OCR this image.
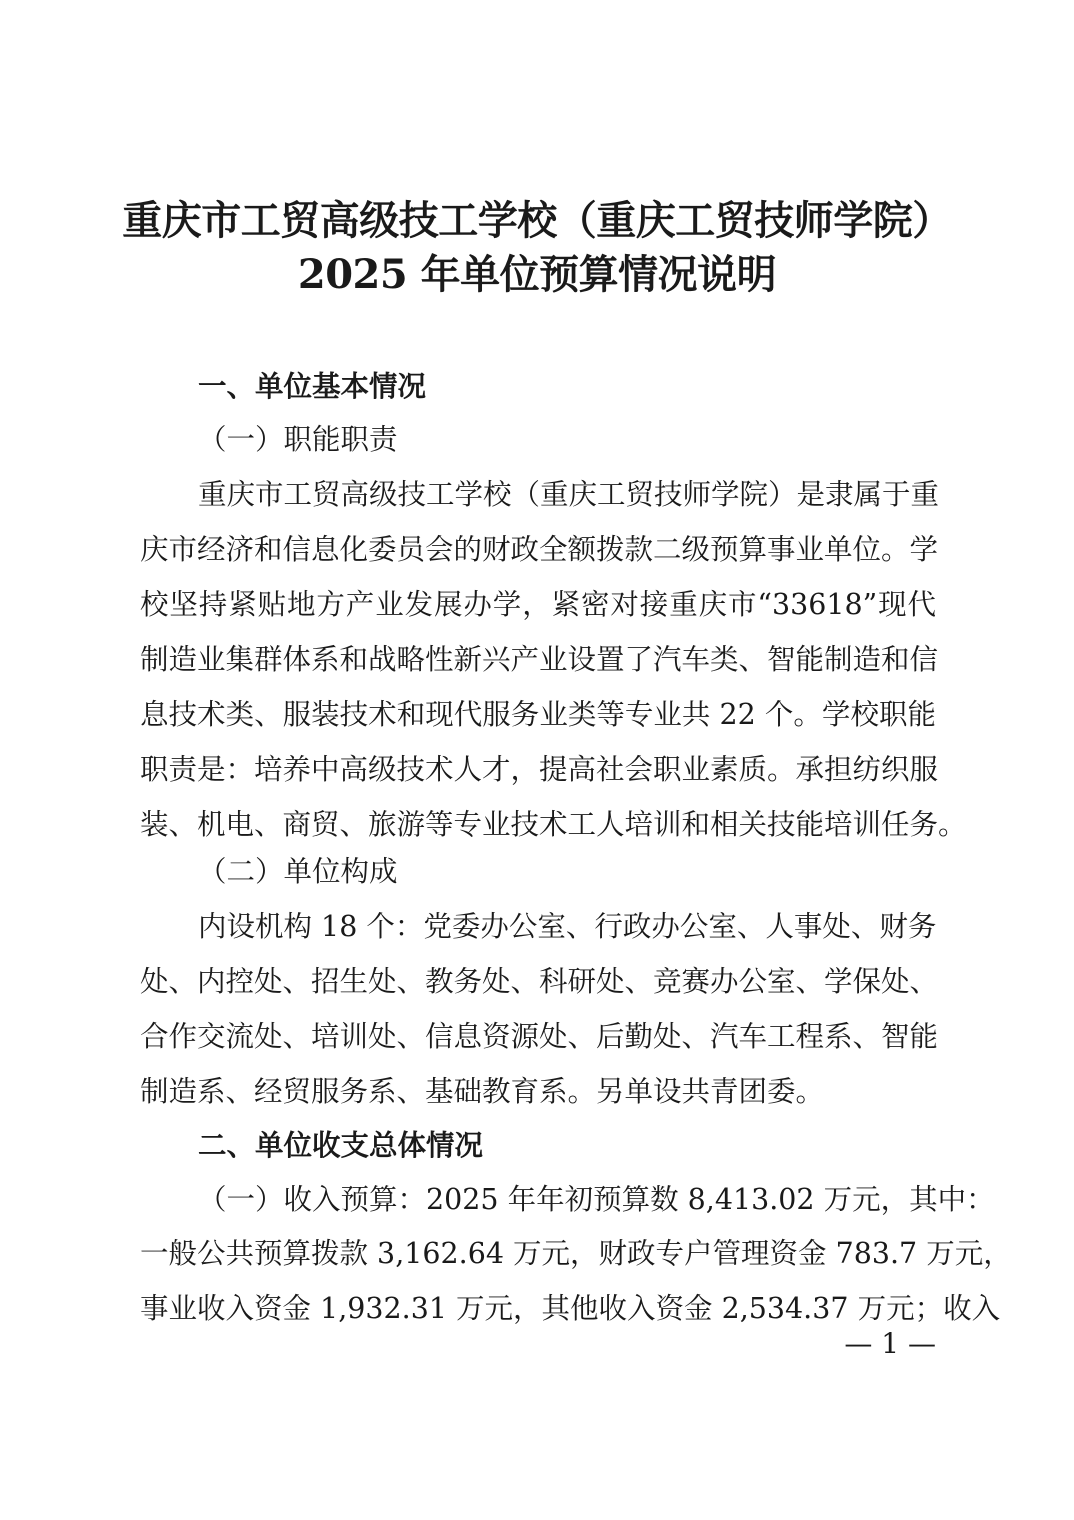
重庆市工贸高级技工学校（重庆工贸技师学院）
2025 年单位预算情况说明
一、单位基本情况
（一）职能职责
重庆市工贸高级技工学校（重庆工贸技师学院）是隶属于重
庆市经济和信息化委员会的财政全额拨款二级预算事业单位。学
校坚持紧贴地方产业发展办学，紧密对接重庆市“33618”现代
制造业集群体系和战略性新兴产业设置了汽车类、智能制造和信
息技术类、服装技术和现代服务业类等专业共 22 个。学校职能
职责是：培养中高级技术人才，提高社会职业素质。承担纺织服
装、机电、商贸、旅游等专业技术工人培训和相关技能培训任务。
（二）单位构成
内设机构 18 个：党委办公室、行政办公室、人事处、财务
处、内控处、招生处、教务处、科研处、竞赛办公室、学保处、
合作交流处、培训处、信息资源处、后勤处、汽车工程系、智能
制造系、经贸服务系、基础教育系。另单设共青团委。
二、单位收支总体情况
（一）收入预算：2025 年年初预算数 8,413.02 万元，其中：
一般公共预算拨款 3,162.64 万元，财政专户管理资金 783.7 万元，
事业收入资金 1,932.31 万元，其他收入资金 2,534.37 万元；收入
— 1 —
